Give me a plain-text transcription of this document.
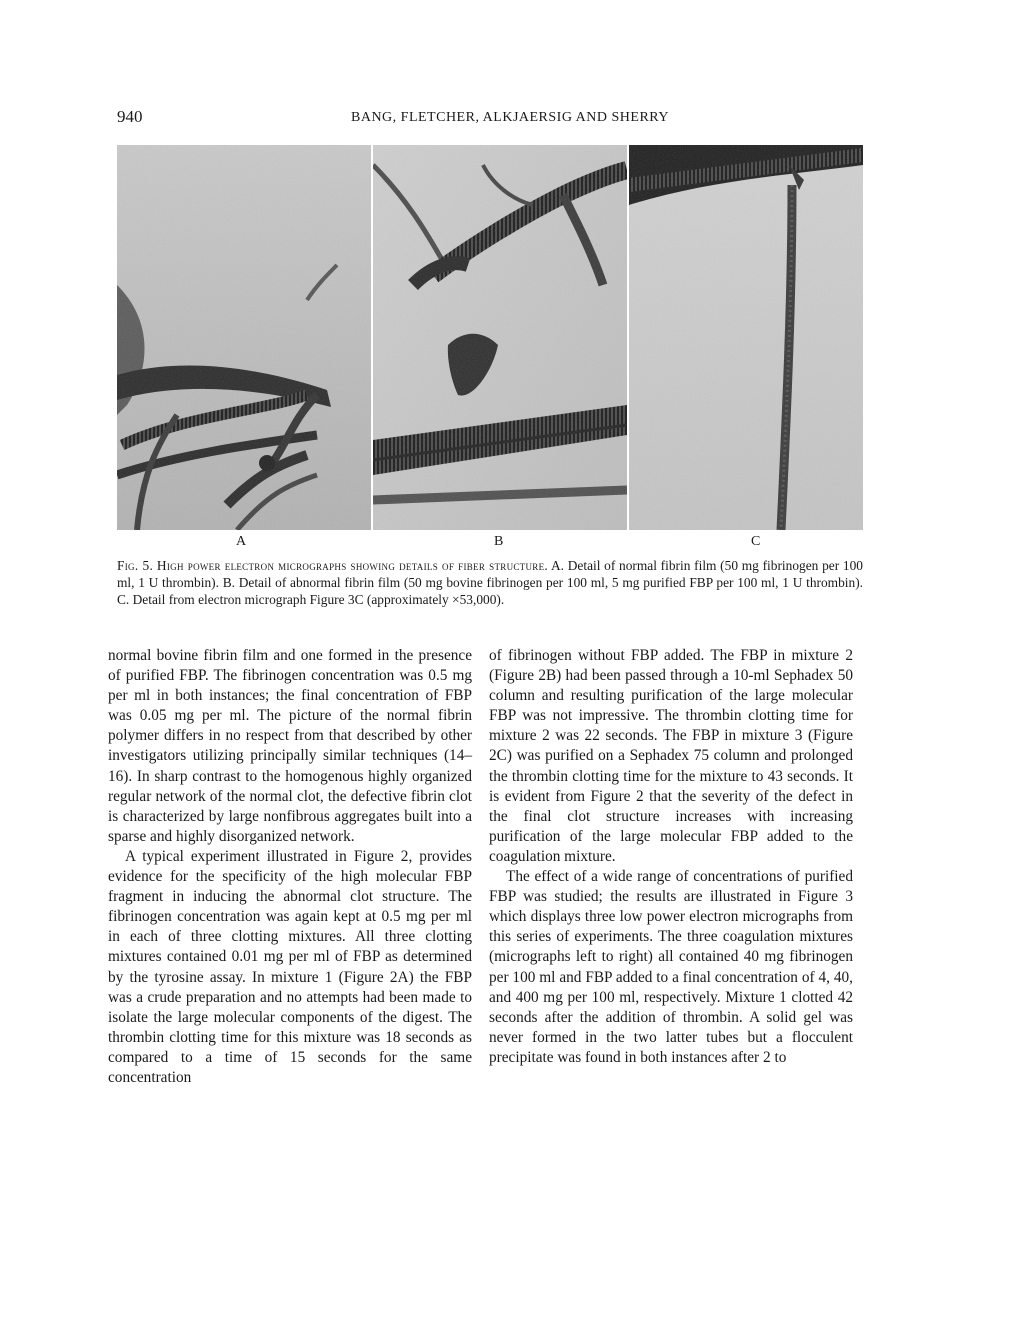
940	BANG, FLETCHER, ALKJAERSIG AND SHERRY
A	B	C
Fig. 5. High power electron micrographs showing details of fiber structure. A. Detail of normal fibrin film (50 mg fibrinogen per 100 ml, 1 U thrombin). B. Detail of abnormal fibrin film (50 mg bovine fibrinogen per 100 ml, 5 mg purified FBP per 100 ml, 1 U thrombin). C. Detail from electron micrograph Figure 3C (approximately ×53,000).

normal bovine fibrin film and one formed in the presence of purified FBP. The fibrinogen concentration was 0.5 mg per ml in both instances; the final concentration of FBP was 0.05 mg per ml. The picture of the normal fibrin polymer differs in no respect from that described by other investigators utilizing principally similar techniques (14–16). In sharp contrast to the homogenous highly organized regular network of the normal clot, the defective fibrin clot is characterized by large nonfibrous aggregates built into a sparse and highly disorganized network.

A typical experiment illustrated in Figure 2, provides evidence for the specificity of the high molecular FBP fragment in inducing the abnormal clot structure. The fibrinogen concentration was again kept at 0.5 mg per ml in each of three clotting mixtures. All three clotting mixtures contained 0.01 mg per ml of FBP as determined by the tyrosine assay. In mixture 1 (Figure 2A) the FBP was a crude preparation and no attempts had been made to isolate the large molecular components of the digest. The thrombin clotting time for this mixture was 18 seconds as compared to a time of 15 seconds for the same concentration

of fibrinogen without FBP added. The FBP in mixture 2 (Figure 2B) had been passed through a 10-ml Sephadex 50 column and resulting purification of the large molecular FBP was not impressive. The thrombin clotting time for mixture 2 was 22 seconds. The FBP in mixture 3 (Figure 2C) was purified on a Sephadex 75 column and prolonged the thrombin clotting time for the mixture to 43 seconds. It is evident from Figure 2 that the severity of the defect in the final clot structure increases with increasing purification of the large molecular FBP added to the coagulation mixture.

The effect of a wide range of concentrations of purified FBP was studied; the results are illustrated in Figure 3 which displays three low power electron micrographs from this series of experiments. The three coagulation mixtures (micrographs left to right) all contained 40 mg fibrinogen per 100 ml and FBP added to a final concentration of 4, 40, and 400 mg per 100 ml, respectively. Mixture 1 clotted 42 seconds after the addition of thrombin. A solid gel was never formed in the two latter tubes but a flocculent precipitate was found in both instances after 2 to
